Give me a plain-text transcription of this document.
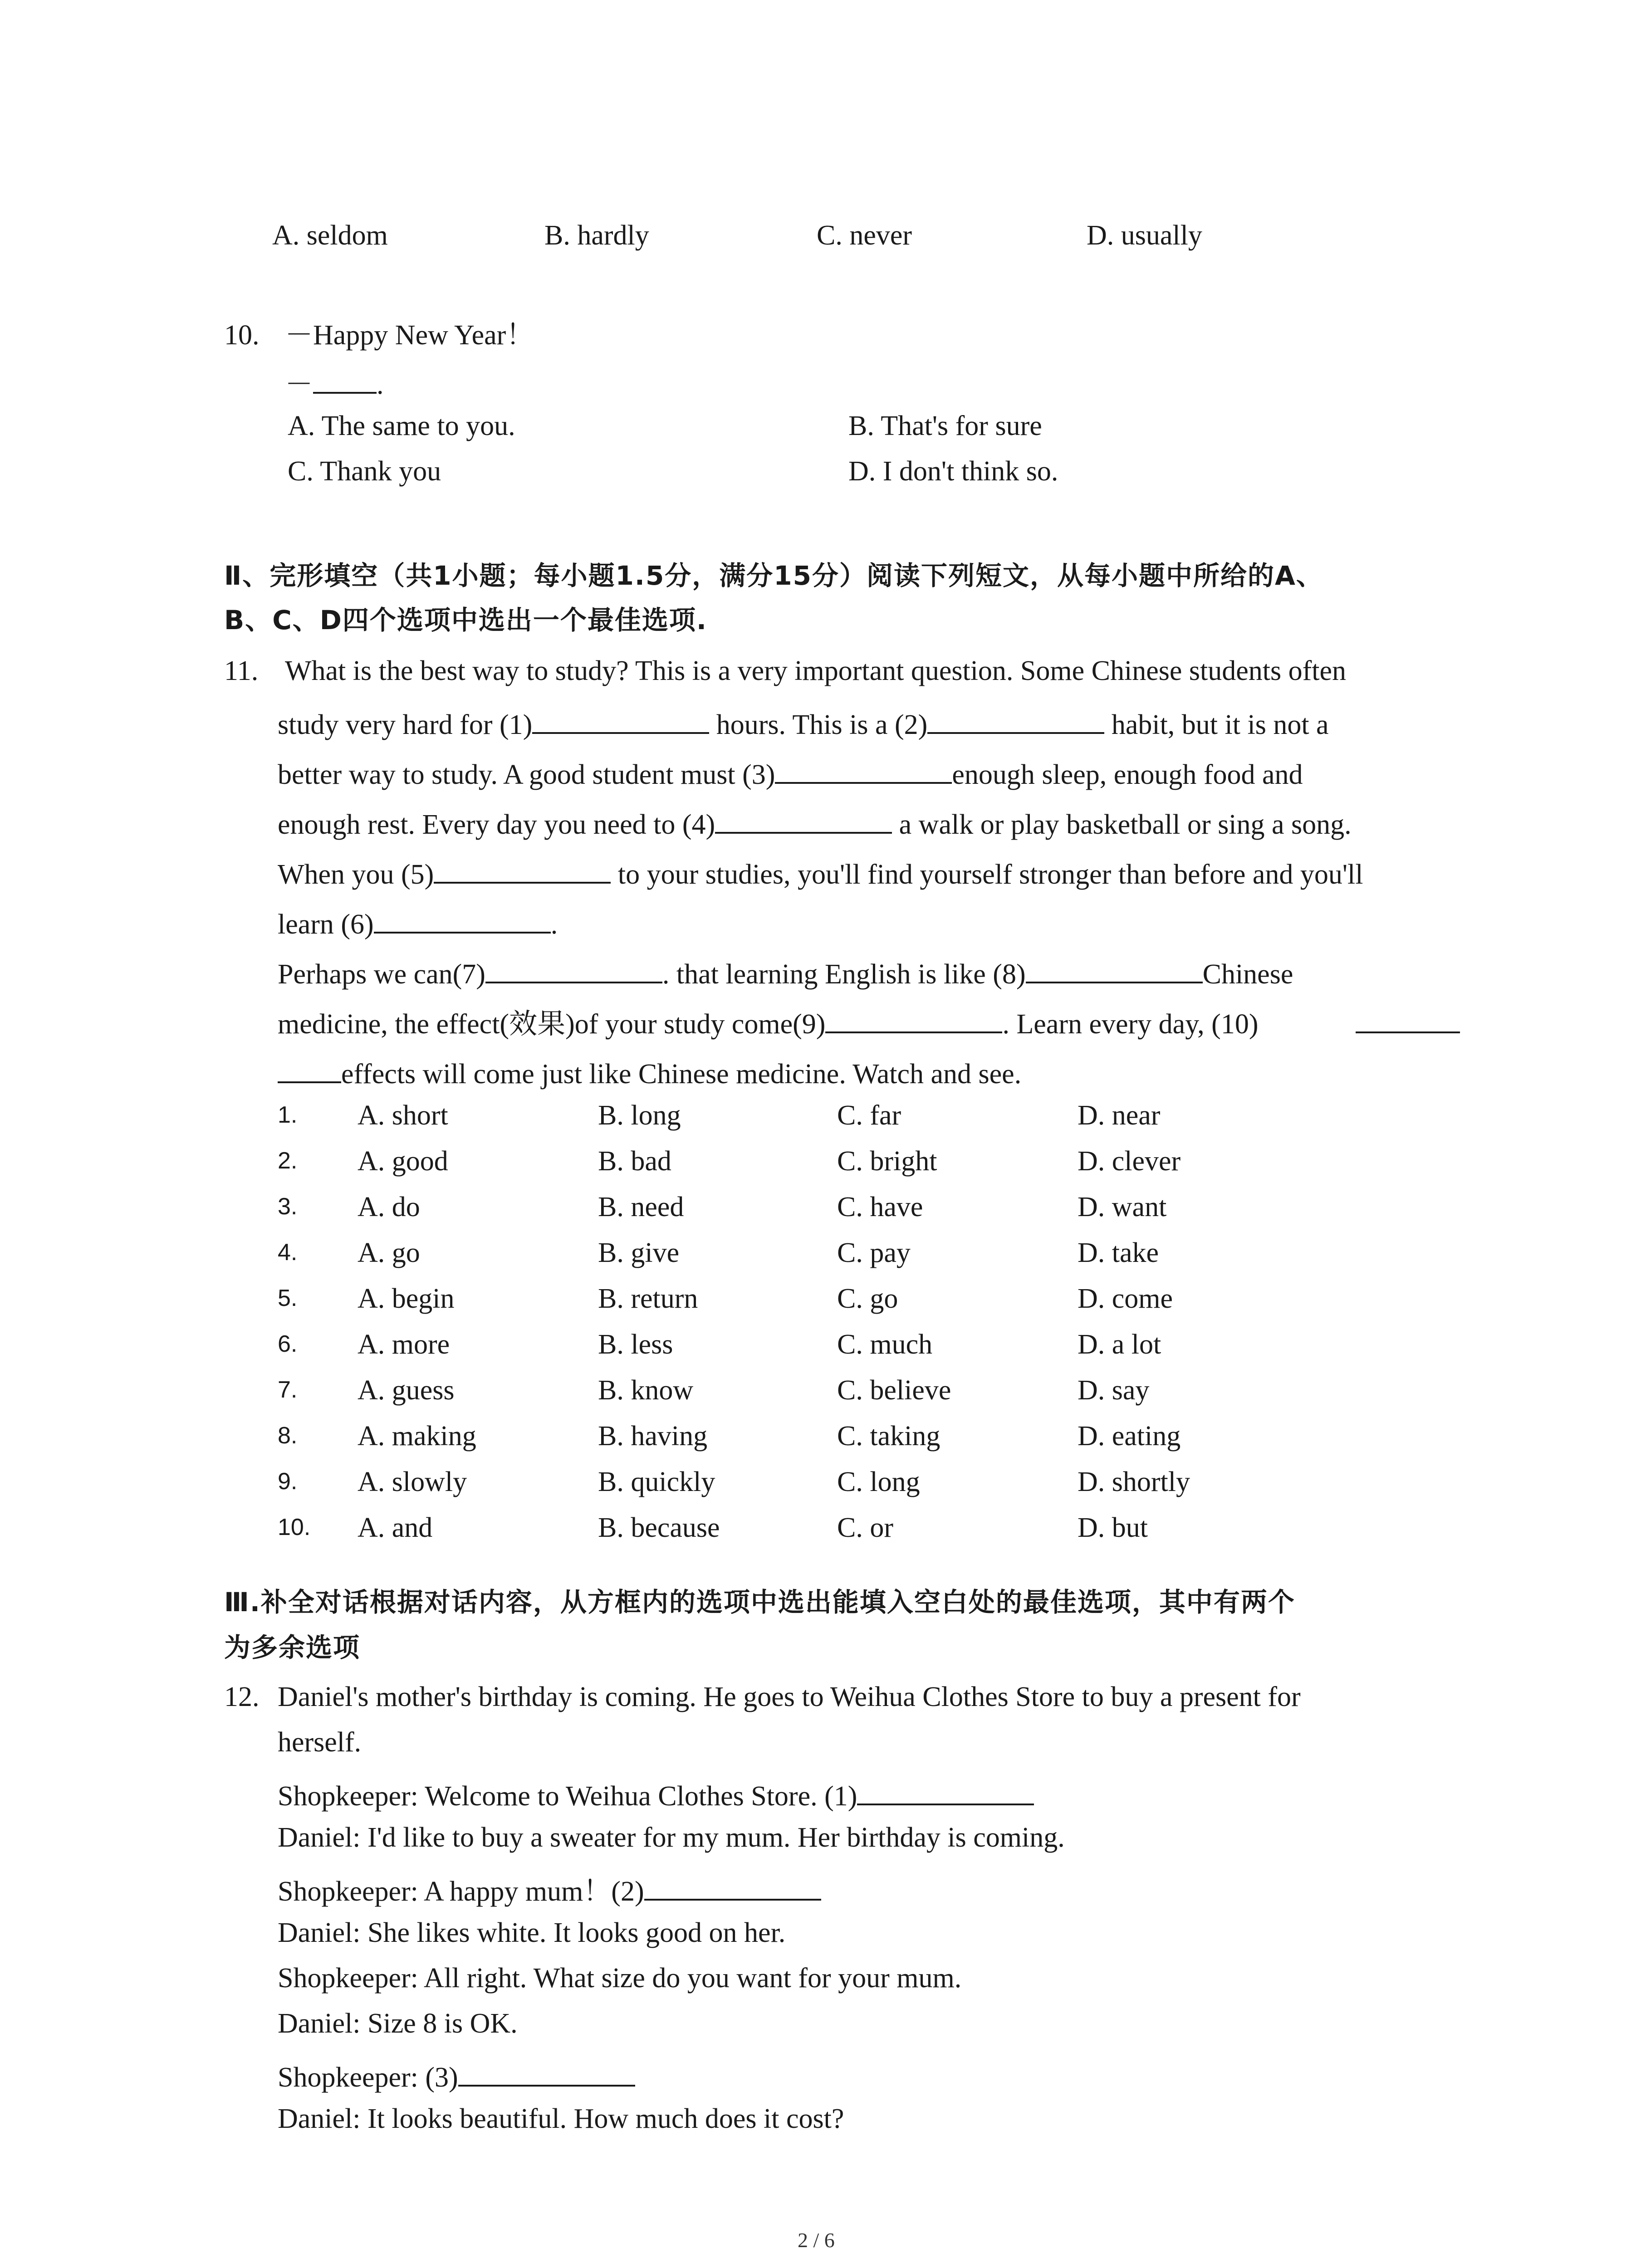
A. seldom	B. hardly	C. never	D. usually
10. －Happy New Year！
－ .
A. The same to you.	B. That's for sure
C. Thank you	D. I don't think so.
Ⅱ、完形填空（共1小题；每小题1.5分，满分15分）阅读下列短文，从每小题中所给的A、
B、C、D四个选项中选出一个最佳选项.
11. What is the best way to study? This is a very important question. Some Chinese students often
study very hard for (1)	hours. This is a (2)	habit, but it is not a
better way to study. A good student must (3)	enough sleep, enough food and
enough rest. Every day you need to (4)	a walk or play basketball or sing a song.
When you (5)	to your studies, you'll find yourself stronger than before and you'll
learn (6)	.
Perhaps we can(7)	. that learning English is like (8)	Chinese
medicine, the effect(效果)of your study come(9)	. Learn every day, (10)
effects will come just like Chinese medicine. Watch and see.
1. A. short	B. long	C. far	D. near
2. A. good	B. bad	C. bright	D. clever
3. A. do	B. need	C. have	D. want
4. A. go	B. give	C. pay	D. take
5. A. begin	B. return	C. go	D. come
6. A. more	B. less	C. much	D. a lot
7. A. guess	B. know	C. believe	D. say
8. A. making	B. having	C. taking	D. eating
9. A. slowly	B. quickly	C. long	D. shortly
10. A. and	B. because	C. or	D. but
Ⅲ.补全对话根据对话内容，从方框内的选项中选出能填入空白处的最佳选项，其中有两个
为多余选项
12. Daniel's mother's birthday is coming. He goes to Weihua Clothes Store to buy a present for
herself.
Shopkeeper: Welcome to Weihua Clothes Store. (1)
Daniel: I'd like to buy a sweater for my mum. Her birthday is coming.
Shopkeeper: A happy mum！(2)
Daniel: She likes white. It looks good on her.
Shopkeeper: All right. What size do you want for your mum.
Daniel: Size 8 is OK.
Shopkeeper: (3)
Daniel: It looks beautiful. How much does it cost?
2 / 6
